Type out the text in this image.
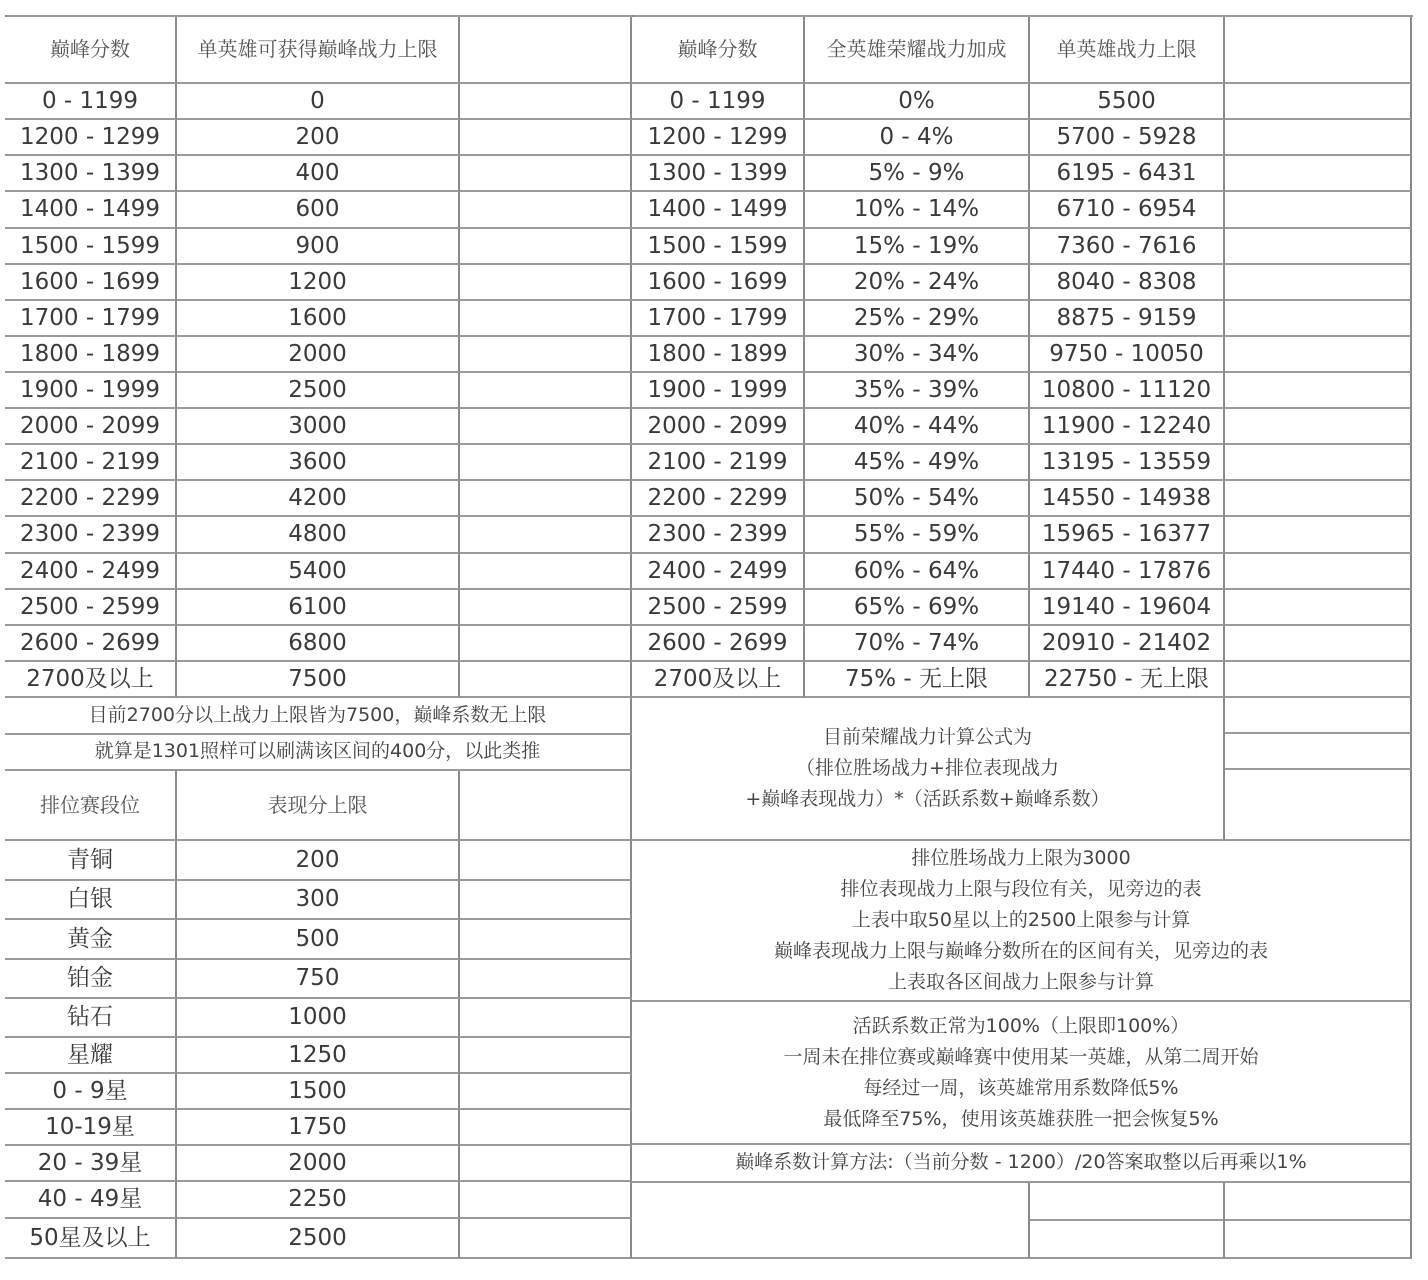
巅峰分数	单英雄可获得巅峰战力上限
0 - 1199	0
1200 - 1299	200
1300 - 1399	400
1400 - 1499	600
1500 - 1599	900
1600 - 1699	1200
1700 - 1799	1600
1800 - 1899	2000
1900 - 1999	2500
2000 - 2099	3000
2100 - 2199	3600
2200 - 2299	4200
2300 - 2399	4800
2400 - 2499	5400
2500 - 2599	6100
2600 - 2699	6800
2700及以上	7500
目前2700分以上战力上限皆为7500，巅峰系数无上限
就算是1301照样可以刷满该区间的400分，以此类推
排位赛段位	表现分上限
青铜	200
白银	300
黄金	500
铂金	750
钻石	1000
星耀	1250
0 - 9星	1500
10-19星	1750
20 - 39星	2000
40 - 49星	2250
50星及以上	2500
巅峰分数	全英雄荣耀战力加成	单英雄战力上限
0 - 1199	0%	5500
1200 - 1299	0 - 4%	5700 - 5928
1300 - 1399	5% - 9%	6195 - 6431
1400 - 1499	10% - 14%	6710 - 6954
1500 - 1599	15% - 19%	7360 - 7616
1600 - 1699	20% - 24%	8040 - 8308
1700 - 1799	25% - 29%	8875 - 9159
1800 - 1899	30% - 34%	9750 - 10050
1900 - 1999	35% - 39%	10800 - 11120
2000 - 2099	40% - 44%	11900 - 12240
2100 - 2199	45% - 49%	13195 - 13559
2200 - 2299	50% - 54%	14550 - 14938
2300 - 2399	55% - 59%	15965 - 16377
2400 - 2499	60% - 64%	17440 - 17876
2500 - 2599	65% - 69%	19140 - 19604
2600 - 2699	70% - 74%	20910 - 21402
2700及以上	75% - 无上限	22750 - 无上限
目前荣耀战力计算公式为
（排位胜场战力+排位表现战力
+巅峰表现战力）*（活跃系数+巅峰系数）
排位胜场战力上限为3000
排位表现战力上限与段位有关，见旁边的表
上表中取50星以上的2500上限参与计算
巅峰表现战力上限与巅峰分数所在的区间有关，见旁边的表
上表取各区间战力上限参与计算
活跃系数正常为100%（上限即100%）
一周未在排位赛或巅峰赛中使用某一英雄，从第二周开始
每经过一周，该英雄常用系数降低5%
最低降至75%，使用该英雄获胜一把会恢复5%
巅峰系数计算方法:（当前分数 - 1200）/20答案取整以后再乘以1%
